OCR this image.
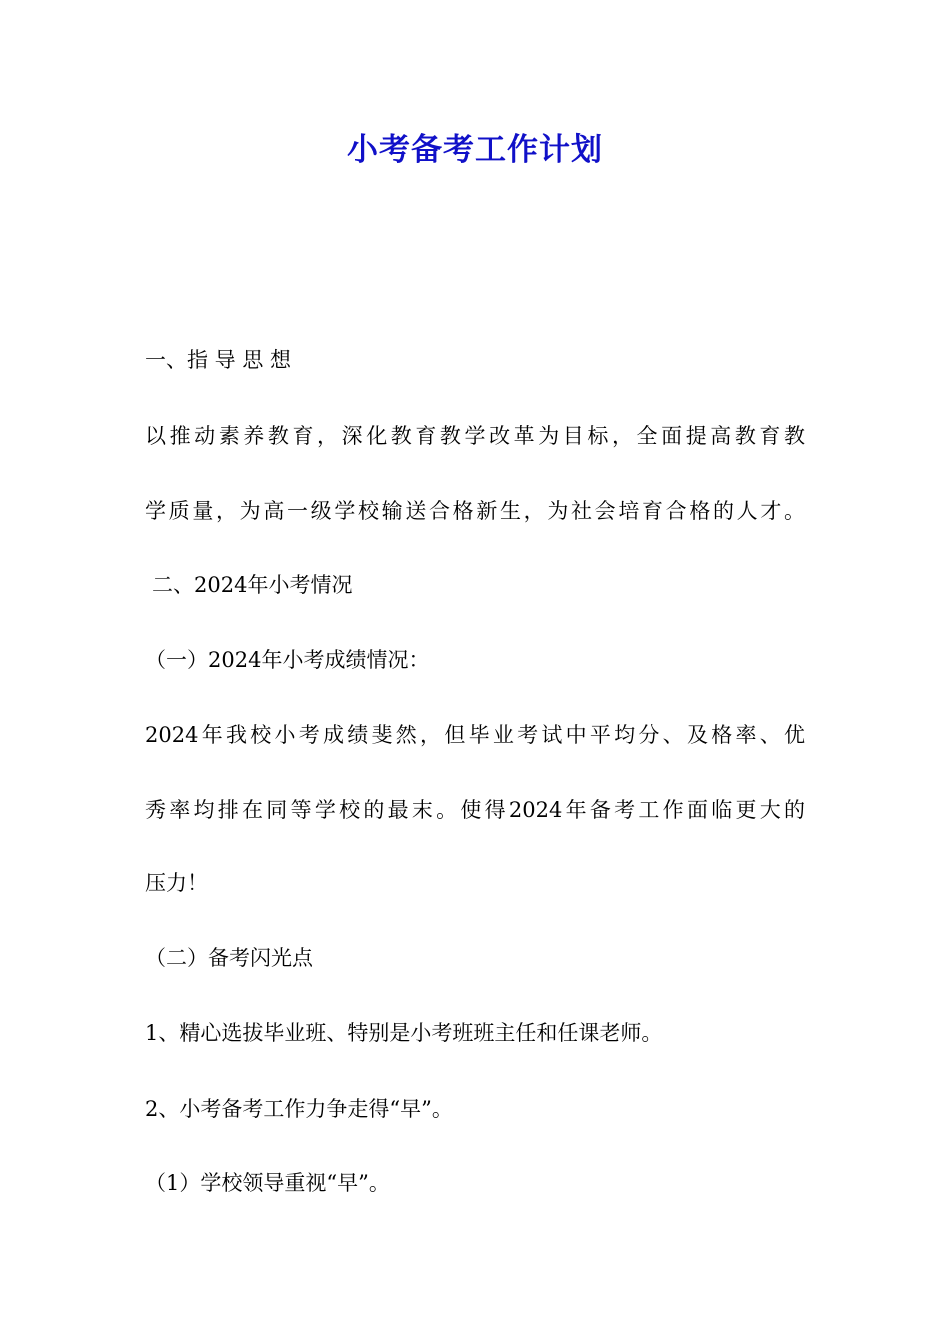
小考备考工作计划
一、指 导 思 想
以推动素养教育，深化教育教学改革为目标，全面提高教育教
学质量，为高一级学校输送合格新生，为社会培育合格的人才。
二、2024年小考情况
（一）2024年小考成绩情况：
2024年我校小考成绩斐然，但毕业考试中平均分、及格率、优
秀率均排在同等学校的最末。使得2024年备考工作面临更大的
压力！
（二）备考闪光点
1、精心选拔毕业班、特别是小考班班主任和任课老师。
2、小考备考工作力争走得“早”。
（1）学校领导重视“早”。
